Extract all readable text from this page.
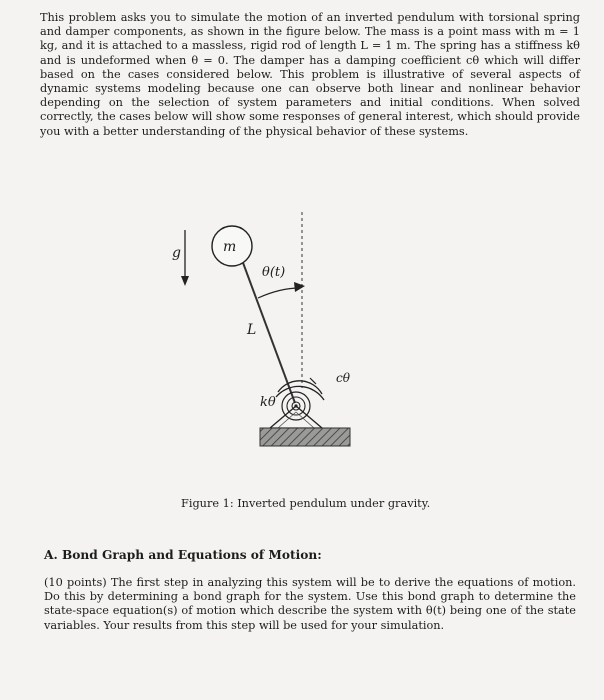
This problem asks you to simulate the motion of an inverted pendulum with torsional spring and damper components, as shown in the figure below. The mass is a point mass with m = 1 kg, and it is attached to a massless, rigid rod of length L = 1 m. The spring has a stiffness kθ and is undeformed when θ = 0. The damper has a damping coefficient cθ which will differ based on the cases considered below. This problem is illustrative of several aspects of dynamic systems modeling because one can observe both linear and nonlinear behavior depending on the selection of system parameters and initial conditions. When solved correctly, the cases below will show some responses of general interest, which should provide you with a better understanding of the physical behavior of these systems.

g	m
θ(t)
L
cθ
kθ

Figure 1: Inverted pendulum under gravity.

A. Bond Graph and Equations of Motion:

(10 points) The first step in analyzing this system will be to derive the equations of motion. Do this by determining a bond graph for the system. Use this bond graph to determine the state-space equation(s) of motion which describe the system with θ(t) being one of the state variables. Your results from this step will be used for your simulation.
